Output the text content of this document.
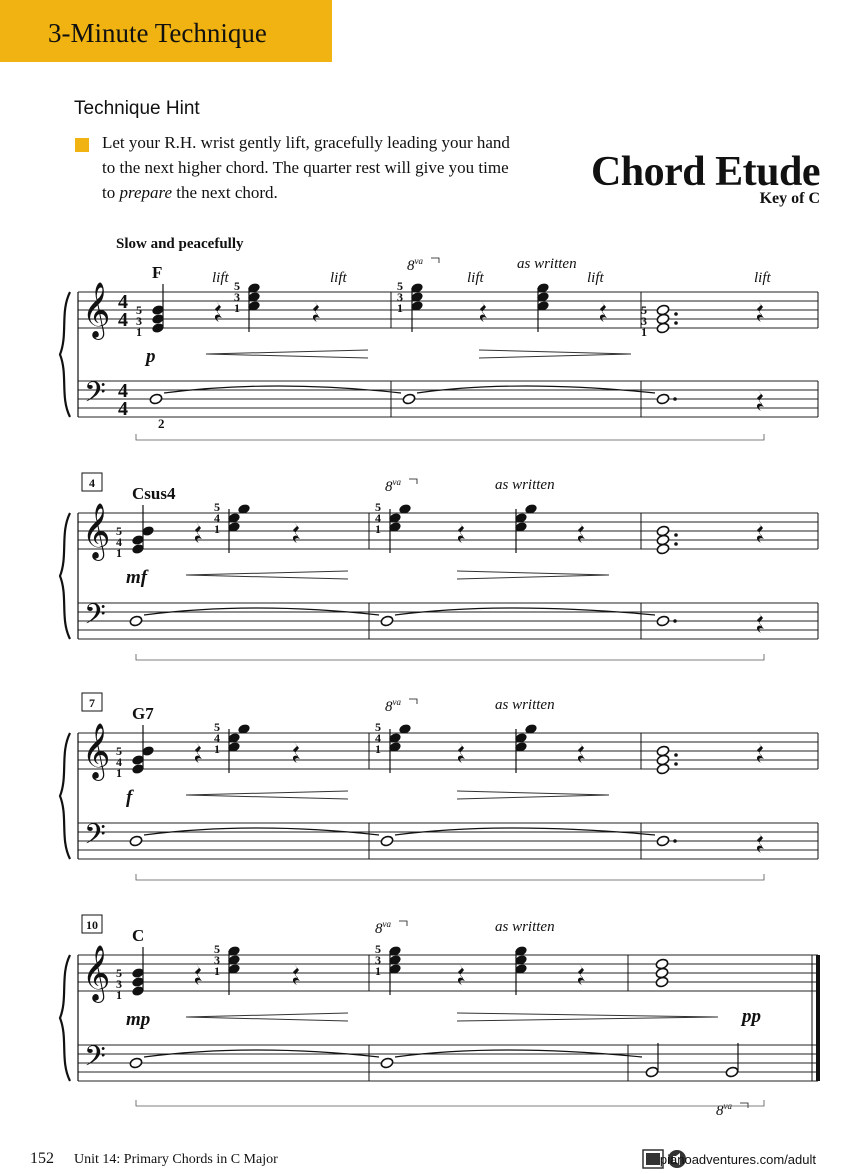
3-Minute Technique
Technique Hint
Let your R.H. wrist gently lift, gracefully leading your hand to the next higher chord. The quarter rest will give you time to prepare the next chord.	Chord Etude
Key of C
Slow and peacefully
𝄞
𝄢
4
4
4
4
F
5
3
1
p
5
3
1
$8^{va}$
5
3
1
as written
5
3
1
2
lift	lift	lift	lift	lift
𝄞
𝄢
4
Csus4
5
4
1
mf
5
4
1
$8^{va}$
5
4
1
as written
𝄞
𝄢
7
G7
5
4
1
f
5
4
1
$8^{va}$
5
4
1
as written
𝄞
𝄢
10
C
5
3
1
mp
5
3
1
$8^{va}$
5
3
1
as written
pp
$8^{va}$
152 Unit 14: Primary Chords in C Major	pianoadventures.com/adult
